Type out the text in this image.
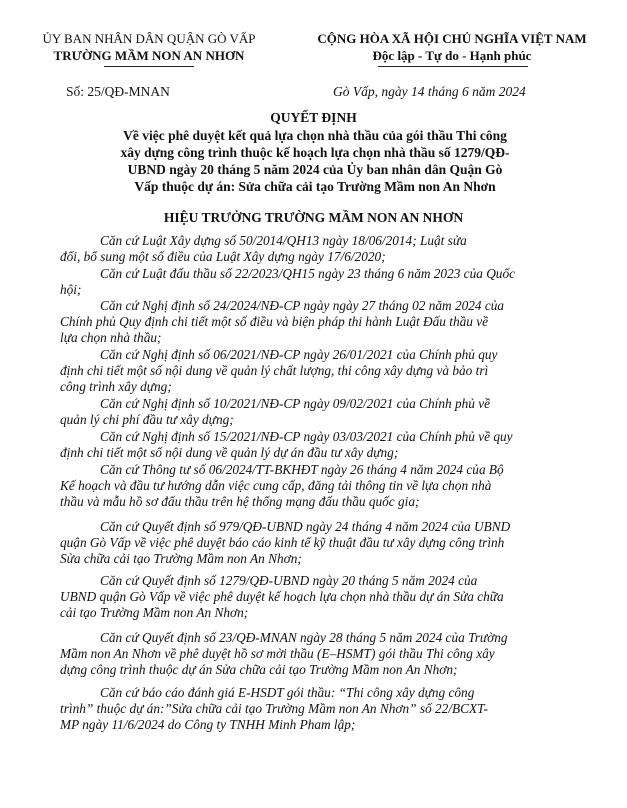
ỦY BAN NHÂN DÂN QUẬN GÒ VẤP
TRƯỜNG MẦM NON AN NHƠN
CỘNG HÒA XÃ HỘI CHỦ NGHĨA VIỆT NAM
Độc lập - Tự do - Hạnh phúc
Số: 25/QĐ-MNAN	Gò Vấp, ngày 14 tháng 6 năm 2024
QUYẾT ĐỊNH
Về việc phê duyệt kết quả lựa chọn nhà thầu của gói thầu Thi công
xây dựng công trình thuộc kế hoạch lựa chọn nhà thầu số 1279/QĐ-
UBND ngày 20 tháng 5 năm 2024 của Ủy ban nhân dân Quận Gò
Vấp thuộc dự án: Sửa chữa cải tạo Trường Mầm non An Nhơn
HIỆU TRƯỞNG TRƯỜNG MẦM NON AN NHƠN
Căn cứ Luật Xây dựng số 50/2014/QH13 ngày 18/06/2014; Luật sửa
đổi, bổ sung một số điều của Luật Xây dựng ngày 17/6/2020;
Căn cứ Luật đấu thầu số 22/2023/QH15 ngày 23 tháng 6 năm 2023 của Quốc
hội;
Căn cứ Nghị định số 24/2024/NĐ-CP ngày ngày 27 tháng 02 năm 2024 của
Chính phủ Quy định chi tiết một số điều và biện pháp thi hành Luật Đấu thầu về
lựa chọn nhà thầu;
Căn cứ Nghị định số 06/2021/NĐ-CP ngày 26/01/2021 của Chính phủ quy
định chi tiết một số nội dung về quản lý chất lượng, thi công xây dựng và bảo trì
công trình xây dựng;
Căn cứ Nghị định số 10/2021/NĐ-CP ngày 09/02/2021 của Chính phủ về
quản lý chi phí đầu tư xây dựng;
Căn cứ Nghị định số 15/2021/NĐ-CP ngày 03/03/2021 của Chính phủ về quy
định chi tiết một số nội dung về quản lý dự án đầu tư xây dựng;
Căn cứ Thông tư số 06/2024/TT-BKHĐT ngày 26 tháng 4 năm 2024 của Bộ
Kế hoạch và đầu tư hướng dẫn việc cung cấp, đăng tải thông tin về lựa chọn nhà
thầu và mẫu hồ sơ đấu thầu trên hệ thống mạng đấu thầu quốc gia;
Căn cứ Quyết định số 979/QĐ-UBND ngày 24 tháng 4 năm 2024 của UBND
quận Gò Vấp về việc phê duyệt báo cáo kinh tế kỹ thuật đầu tư xây dựng công trình
Sửa chữa cải tạo Trường Mầm non An Nhơn;
Căn cứ Quyết định số 1279/QĐ-UBND ngày 20 tháng 5 năm 2024 của
UBND quận Gò Vấp về việc phê duyệt kế hoạch lựa chọn nhà thầu dự án Sửa chữa
cải tạo Trường Mầm non An Nhơn;
Căn cứ Quyết định số 23/QĐ-MNAN ngày 28 tháng 5 năm 2024 của Trường
Mầm non An Nhơn về phê duyệt hồ sơ mời thầu (E–HSMT) gói thầu Thi công xây
dựng công trình thuộc dự án Sửa chữa cải tạo Trường Mầm non An Nhơn;
Căn cứ báo cáo đánh giá E-HSDT gói thầu: “Thi công xây dựng công
trình” thuộc dự án:”Sửa chữa cải tạo Trường Mầm non An Nhơn” số 22/BCXT-
MP ngày 11/6/2024 do Công ty TNHH Minh Pham lập;
